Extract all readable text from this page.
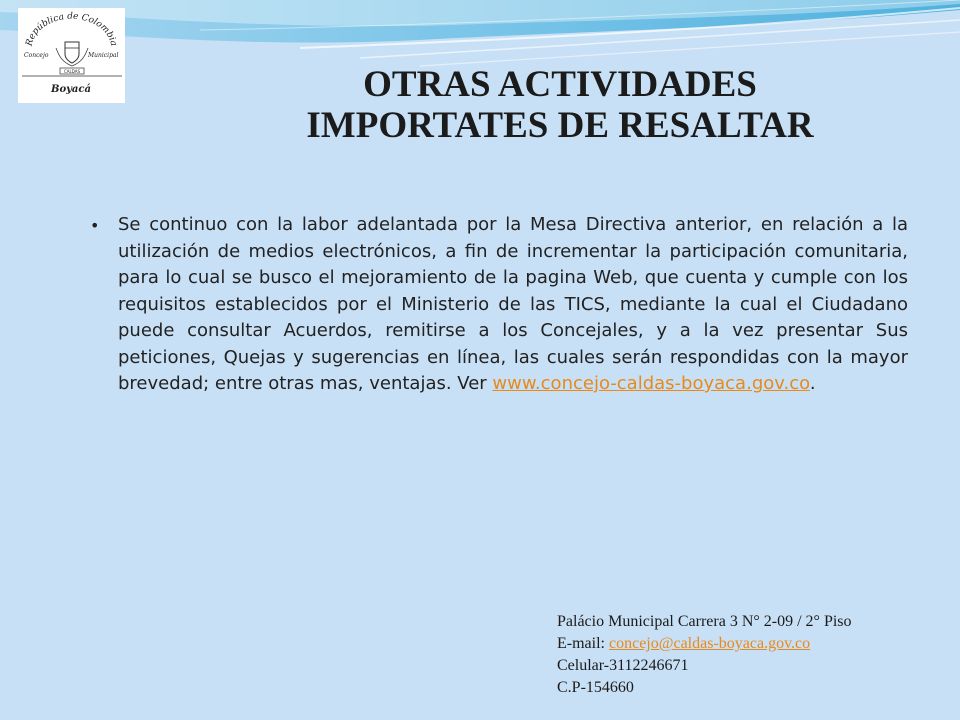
República de Colombia
Concejo	Municipal
CALDAS
Boyacá	OTRAS ACTIVIDADES
IMPORTATES DE RESALTAR
•	Se continuo con la labor adelantada por la Mesa Directiva anterior, en relación a la utilización de medios electrónicos, a fin de incrementar la participación comunitaria, para lo cual se busco el mejoramiento de la pagina Web, que cuenta y cumple con los requisitos establecidos por el Ministerio de las TICS, mediante la cual el Ciudadano puede consultar Acuerdos, remitirse a los Concejales, y a la vez presentar Sus peticiones, Quejas y sugerencias en línea, las cuales serán respondidas con la mayor brevedad; entre otras mas, ventajas. Ver www.concejo-caldas-boyaca.gov.co.

Palácio Municipal Carrera 3 N° 2-09 / 2° Piso
E-mail: concejo@caldas-boyaca.gov.co
Celular-3112246671
C.P-154660
